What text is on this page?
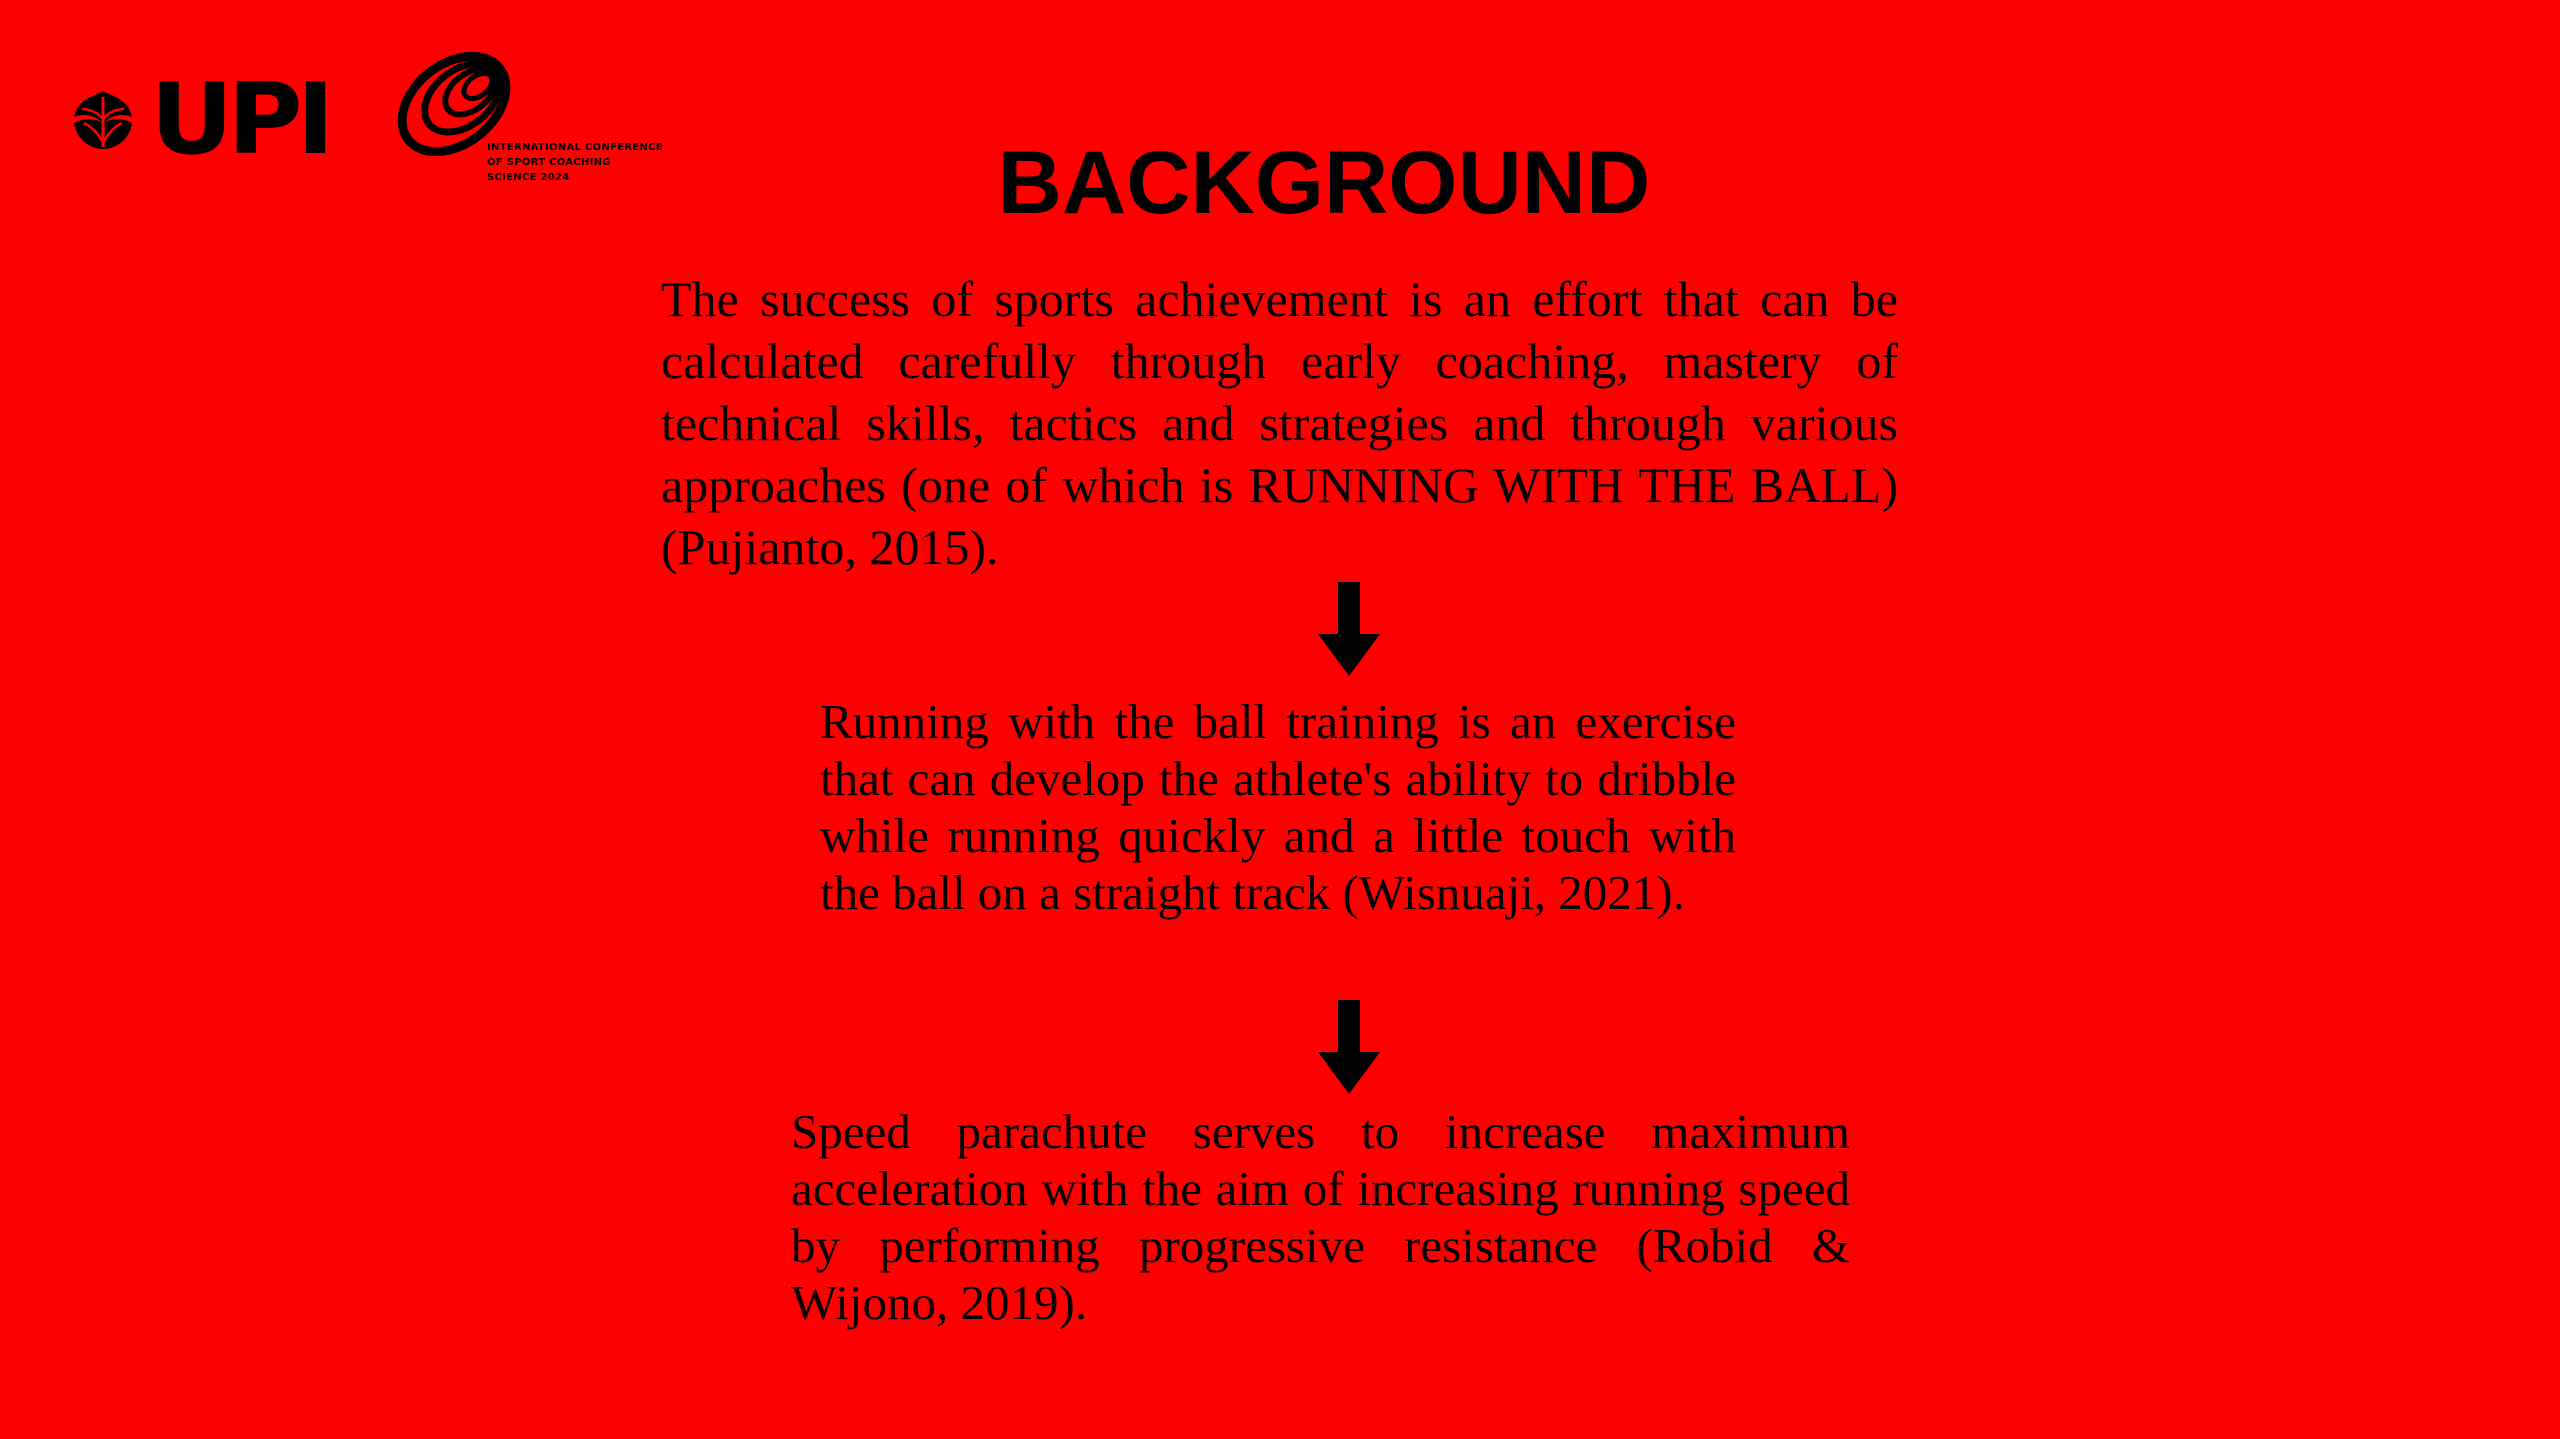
UPI	INTERNATIONAL CONFERENCE
OF SPORT COACHING
SCIENCE 2024	BACKGROUND

The success of sports achievement is an effort that can be calculated carefully through early coaching, mastery of technical skills, tactics and strategies and through various approaches (one of which is RUNNING WITH THE BALL) (Pujianto, 2015).

Running with the ball training is an exercise that can develop the athlete's ability to dribble while running quickly and a little touch with the ball on a straight track (Wisnuaji, 2021).

Speed parachute serves to increase maximum acceleration with the aim of increasing running speed by performing progressive resistance (Robid & Wijono, 2019).
